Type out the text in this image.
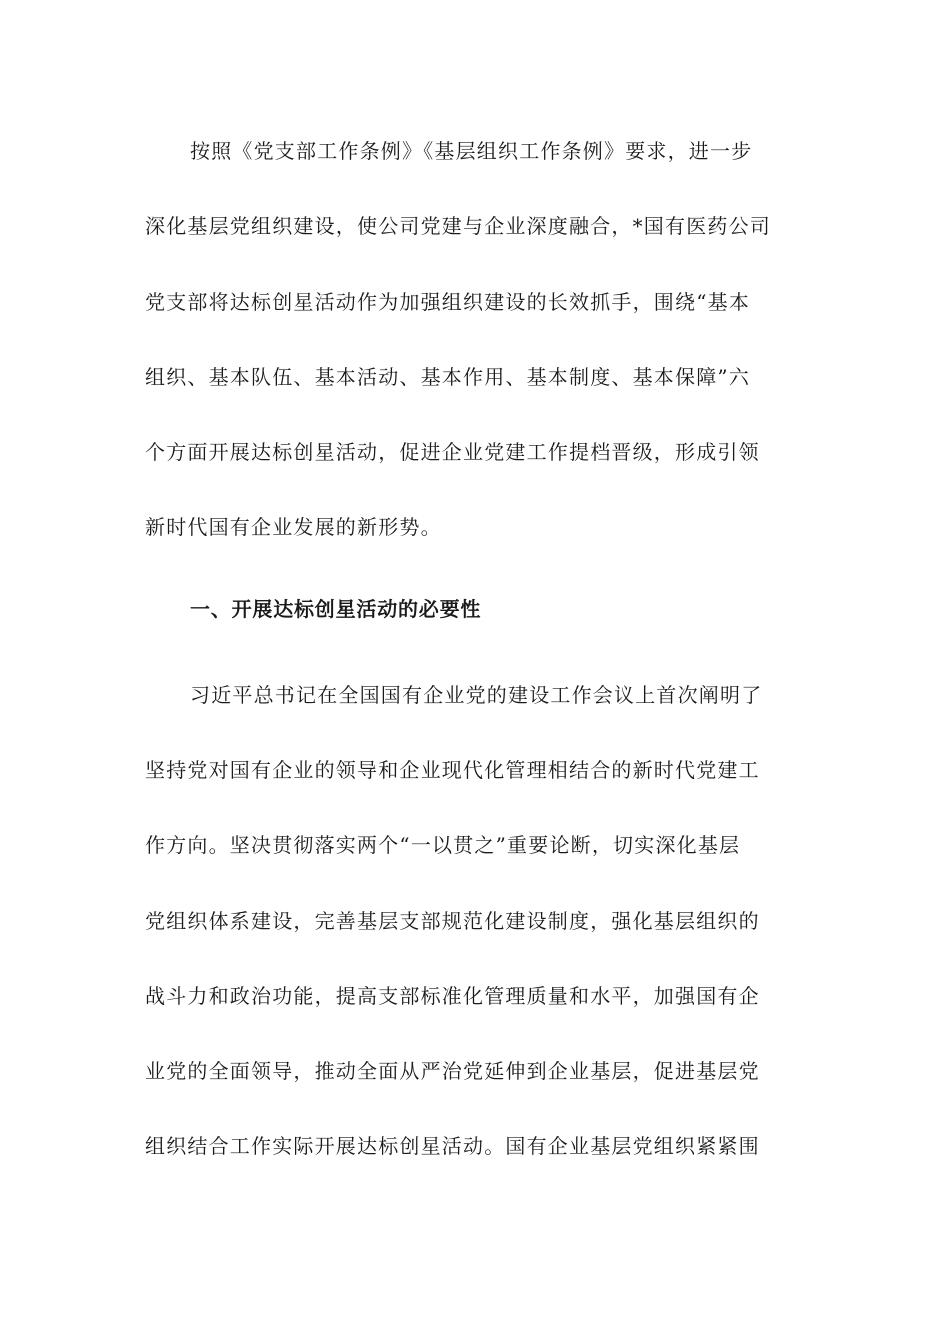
按照《党支部工作条例》《基层组织工作条例》要求，进一步
深化基层党组织建设，使公司党建与企业深度融合，*国有医药公司
党支部将达标创星活动作为加强组织建设的长效抓手，围绕“基本
组织、基本队伍、基本活动、基本作用、基本制度、基本保障”六
个方面开展达标创星活动，促进企业党建工作提档晋级，形成引领
新时代国有企业发展的新形势。
一、开展达标创星活动的必要性
习近平总书记在全国国有企业党的建设工作会议上首次阐明了
坚持党对国有企业的领导和企业现代化管理相结合的新时代党建工
作方向。坚决贯彻落实两个“一以贯之”重要论断，切实深化基层
党组织体系建设，完善基层支部规范化建设制度，强化基层组织的
战斗力和政治功能，提高支部标准化管理质量和水平，加强国有企
业党的全面领导，推动全面从严治党延伸到企业基层，促进基层党
组织结合工作实际开展达标创星活动。国有企业基层党组织紧紧围
